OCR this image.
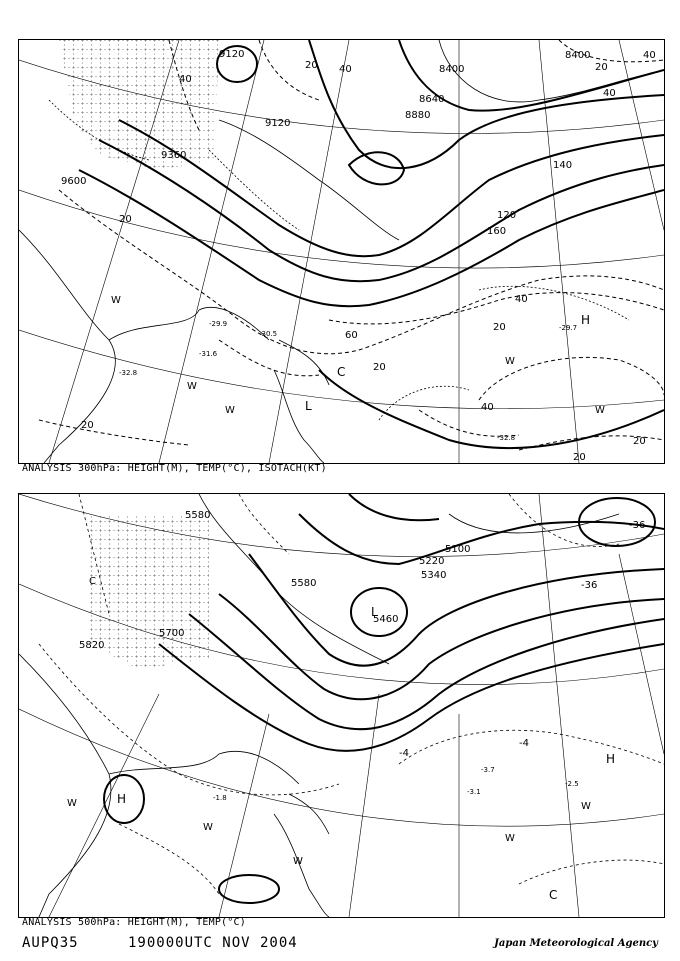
9120
9120
9360
9600
8400
8400
8640
8880
40
20 40
40
20
40
120
140
160
40
20
60
20
40
20
20
20
20
-29.9
-30.5
-31.6
-32.8
-32.8
-29.7
H
L
C
W
W
W
W
W
ANALYSIS 300hPa: HEIGHT(M), TEMP(°C), ISOTACH(KT)
5580
5580
5700
5820
5100
5220
5340
5460
-36
-36
-4
-4
-2.5
-3.7
-3.1
-1.8
H
H
L
C
W
W
W
W
W
C
ANALYSIS 500hPa: HEIGHT(M), TEMP(°C)
AUPQ35	190000UTC NOV 2004	Japan Meteorological Agency
